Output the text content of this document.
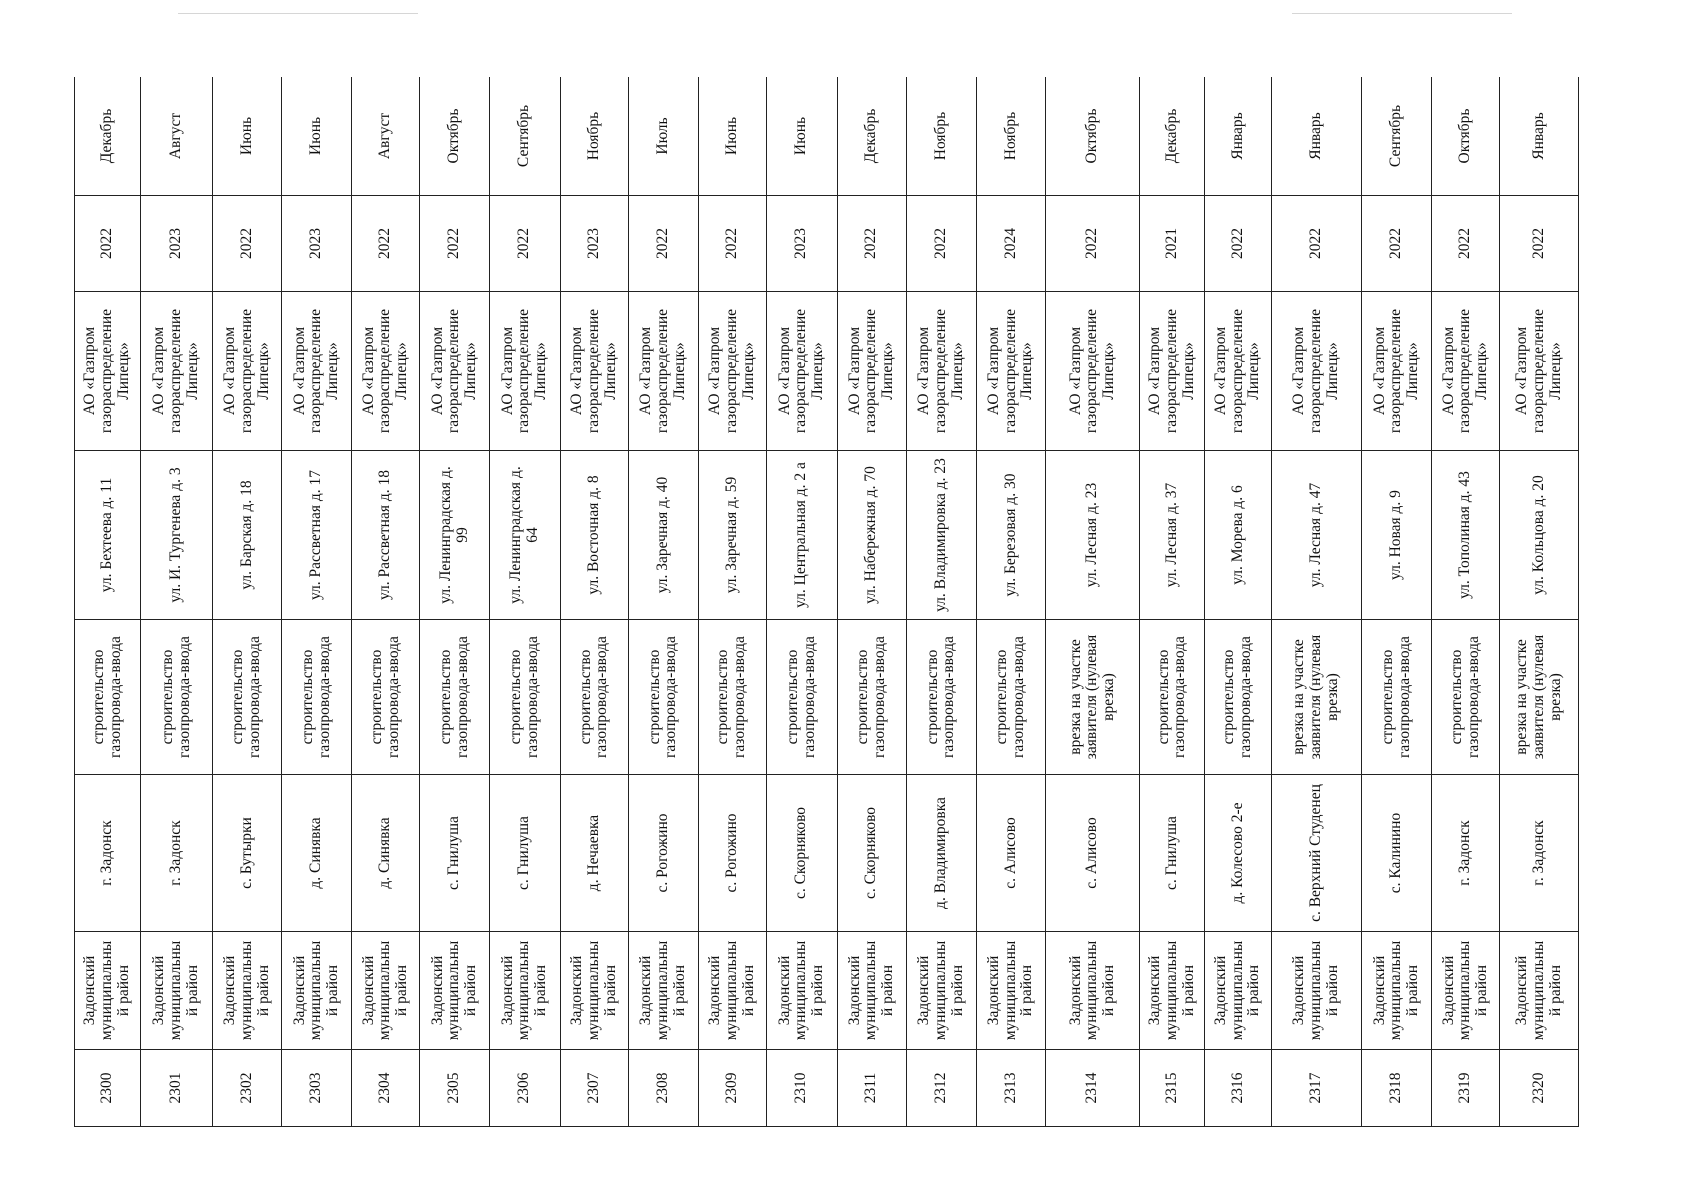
2300	Задонский муниципальный район	г. Задонск	строительство газопровода-ввода	ул. Бехтеева д. 11	АО «Газпром газораспределение Липецк»	2022	Декабрь
2301	Задонский муниципальный район	г. Задонск	строительство газопровода-ввода	ул. И. Тургенева д. 3	АО «Газпром газораспределение Липецк»	2023	Август
2302	Задонский муниципальный район	с. Бутырки	строительство газопровода-ввода	ул. Барская д. 18	АО «Газпром газораспределение Липецк»	2022	Июнь
2303	Задонский муниципальный район	д. Синявка	строительство газопровода-ввода	ул. Рассветная д. 17	АО «Газпром газораспределение Липецк»	2023	Июнь
2304	Задонский муниципальный район	д. Синявка	строительство газопровода-ввода	ул. Рассветная д. 18	АО «Газпром газораспределение Липецк»	2022	Август
2305	Задонский муниципальный район	с. Гнилуша	строительство газопровода-ввода	ул. Ленинградская д. 99	АО «Газпром газораспределение Липецк»	2022	Октябрь
2306	Задонский муниципальный район	с. Гнилуша	строительство газопровода-ввода	ул. Ленинградская д. 64	АО «Газпром газораспределение Липецк»	2022	Сентябрь
2307	Задонский муниципальный район	д. Нечаевка	строительство газопровода-ввода	ул. Восточная д. 8	АО «Газпром газораспределение Липецк»	2023	Ноябрь
2308	Задонский муниципальный район	с. Рогожино	строительство газопровода-ввода	ул. Заречная д. 40	АО «Газпром газораспределение Липецк»	2022	Июль
2309	Задонский муниципальный район	с. Рогожино	строительство газопровода-ввода	ул. Заречная д. 59	АО «Газпром газораспределение Липецк»	2022	Июнь
2310	Задонский муниципальный район	с. Скорняково	строительство газопровода-ввода	ул. Центральная д. 2 а	АО «Газпром газораспределение Липецк»	2023	Июнь
2311	Задонский муниципальный район	с. Скорняково	строительство газопровода-ввода	ул. Набережная д. 70	АО «Газпром газораспределение Липецк»	2022	Декабрь
2312	Задонский муниципальный район	д. Владимировка	строительство газопровода-ввода	ул. Владимировка д. 23	АО «Газпром газораспределение Липецк»	2022	Ноябрь
2313	Задонский муниципальный район	с. Алисово	строительство газопровода-ввода	ул. Березовая д. 30	АО «Газпром газораспределение Липецк»	2024	Ноябрь
2314	Задонский муниципальный район	с. Алисово	врезка на участке заявителя (нулевая врезка)	ул. Лесная д. 23	АО «Газпром газораспределение Липецк»	2022	Октябрь
2315	Задонский муниципальный район	с. Гнилуша	строительство газопровода-ввода	ул. Лесная д. 37	АО «Газпром газораспределение Липецк»	2021	Декабрь
2316	Задонский муниципальный район	д. Колесово 2-е	строительство газопровода-ввода	ул. Морева д. 6	АО «Газпром газораспределение Липецк»	2022	Январь
2317	Задонский муниципальный район	с. Верхний Студенец	врезка на участке заявителя (нулевая врезка)	ул. Лесная д. 47	АО «Газпром газораспределение Липецк»	2022	Январь
2318	Задонский муниципальный район	с. Калинино	строительство газопровода-ввода	ул. Новая д. 9	АО «Газпром газораспределение Липецк»	2022	Сентябрь
2319	Задонский муниципальный район	г. Задонск	строительство газопровода-ввода	ул. Тополиная д. 43	АО «Газпром газораспределение Липецк»	2022	Октябрь
2320	Задонский муниципальный район	г. Задонск	врезка на участке заявителя (нулевая врезка)	ул. Кольцова д. 20	АО «Газпром газораспределение Липецк»	2022	Январь
